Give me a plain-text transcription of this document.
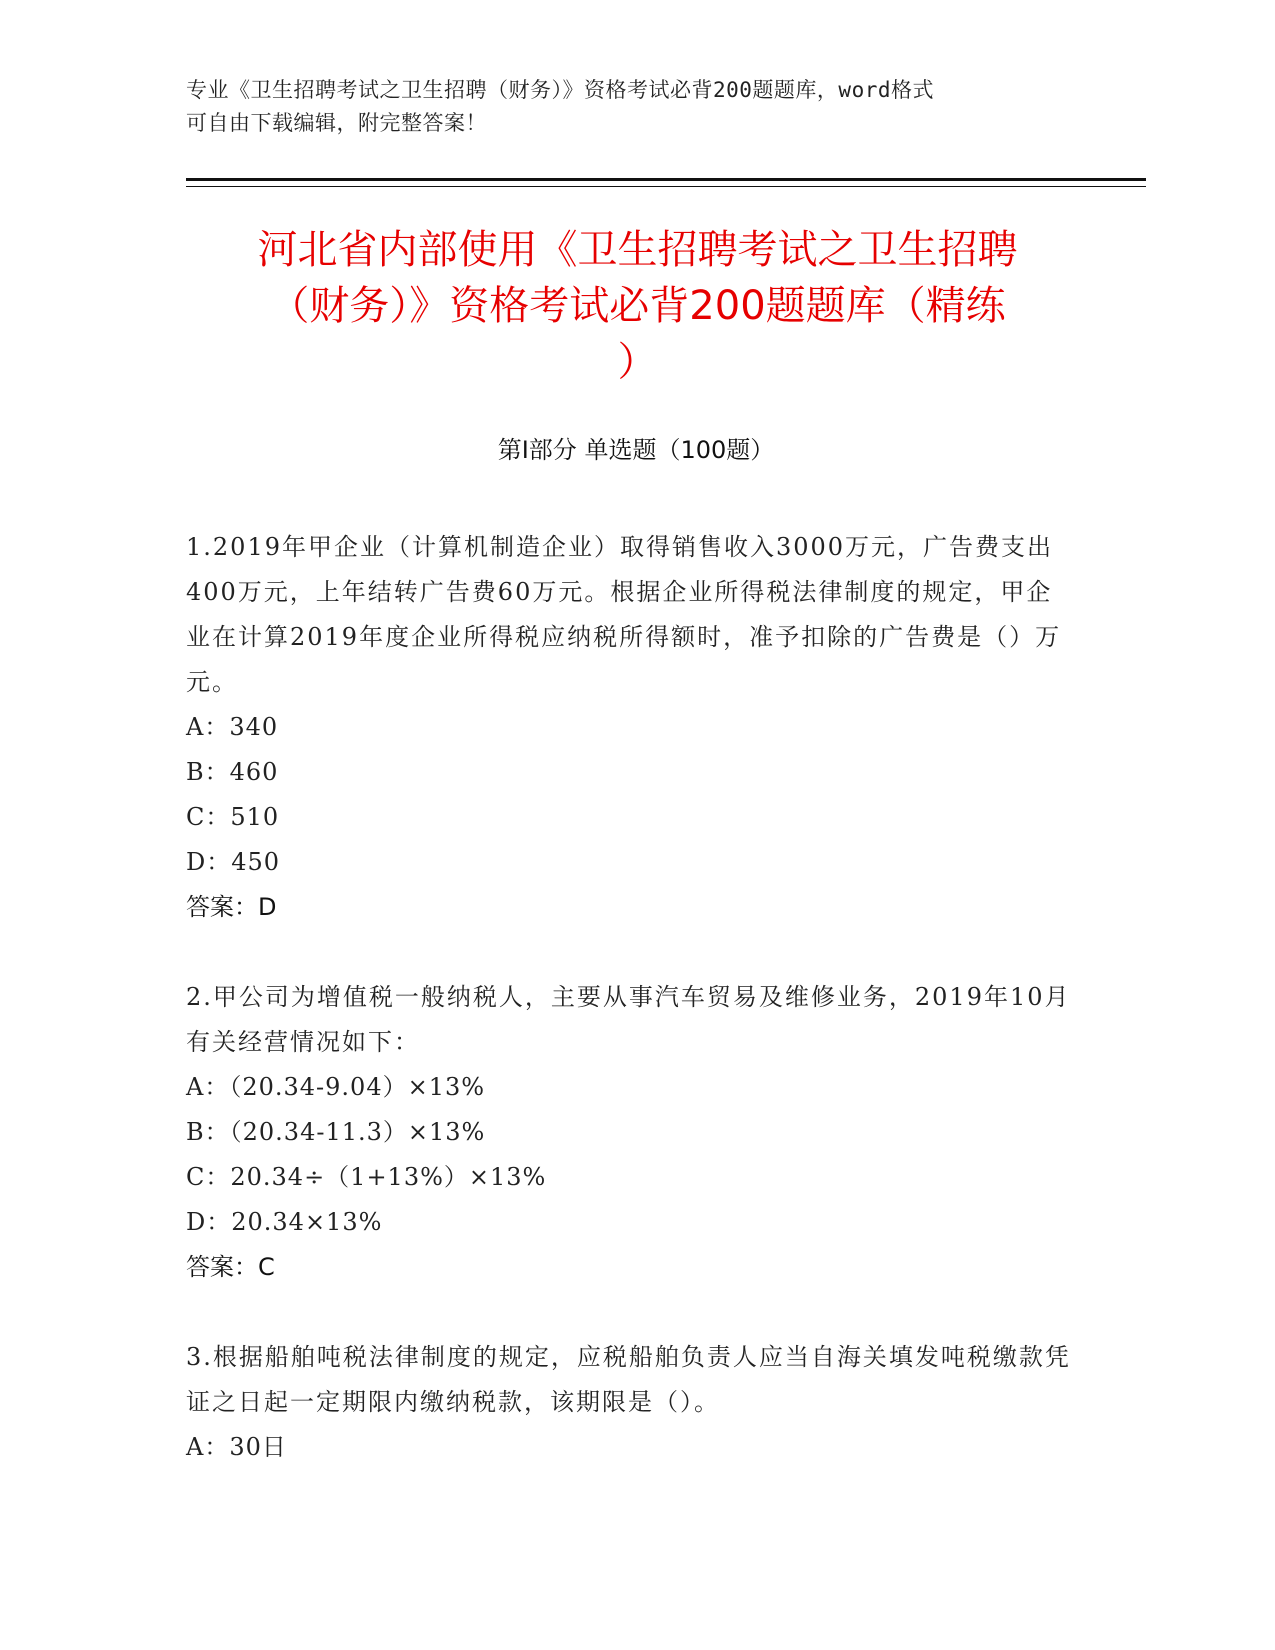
专业《卫生招聘考试之卫生招聘（财务）》资格考试必背200题题库，word格式
可自由下载编辑，附完整答案！
河北省内部使用《卫生招聘考试之卫生招聘
（财务）》资格考试必背200题题库（精练
）
第I部分 单选题（100题）

1.2019年甲企业（计算机制造企业）取得销售收入3000万元，广告费支出400万元，上年结转广告费60万元。根据企业所得税法律制度的规定，甲企业在计算2019年度企业所得税应纳税所得额时，准予扣除的广告费是（）万元。

A：340

B：460

C：510

D：450

答案：D

2.甲公司为增值税一般纳税人，主要从事汽车贸易及维修业务，2019年10月有关经营情况如下：

A：（20.34-9.04）×13%

B：（20.34-11.3）×13%

C：20.34÷（1+13%）×13%

D：20.34×13%

答案：C

3.根据船舶吨税法律制度的规定，应税船舶负责人应当自海关填发吨税缴款凭证之日起一定期限内缴纳税款，该期限是（）。

A：30日
